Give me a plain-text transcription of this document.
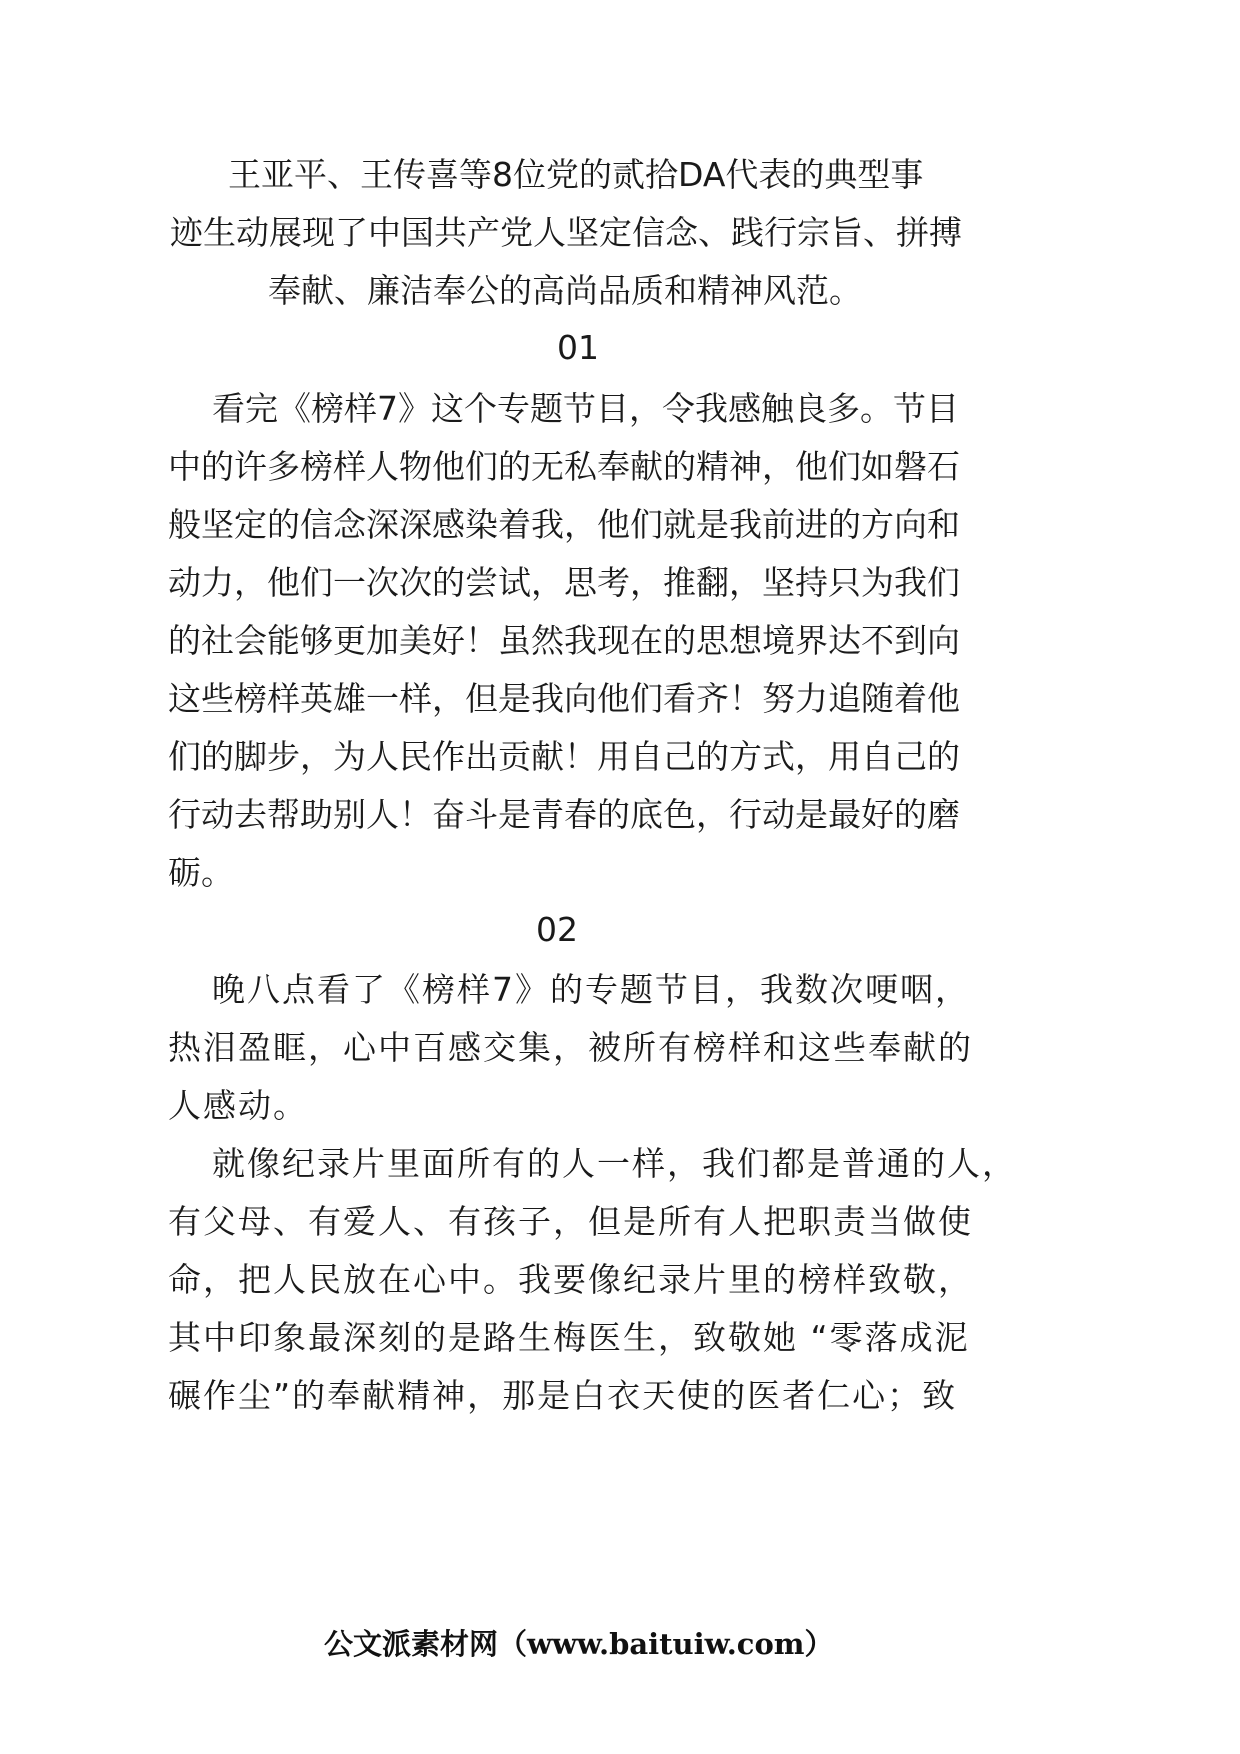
王亚平、王传喜等8位党的贰拾DA代表的典型事
迹生动展现了中国共产党人坚定信念、践行宗旨、拼搏
奉献、廉洁奉公的高尚品质和精神风范。
01
看完《榜样7》这个专题节目，令我感触良多。节目
中的许多榜样人物他们的无私奉献的精神，他们如磐石
般坚定的信念深深感染着我，他们就是我前进的方向和
动力，他们一次次的尝试，思考，推翻，坚持只为我们
的社会能够更加美好！虽然我现在的思想境界达不到向
这些榜样英雄一样，但是我向他们看齐！努力追随着他
们的脚步，为人民作出贡献！用自己的方式，用自己的
行动去帮助别人！奋斗是青春的底色，行动是最好的磨
砺。
02
晚八点看了《榜样7》的专题节目，我数次哽咽，
热泪盈眶，心中百感交集，被所有榜样和这些奉献的
人感动。
就像纪录片里面所有的人一样，我们都是普通的人，
有父母、有爱人、有孩子，但是所有人把职责当做使
命，把人民放在心中。我要像纪录片里的榜样致敬，
其中印象最深刻的是路生梅医生，致敬她 “零落成泥
碾作尘”的奉献精神，那是白衣天使的医者仁心；致
公文派素材网（www.baituiw.com）
